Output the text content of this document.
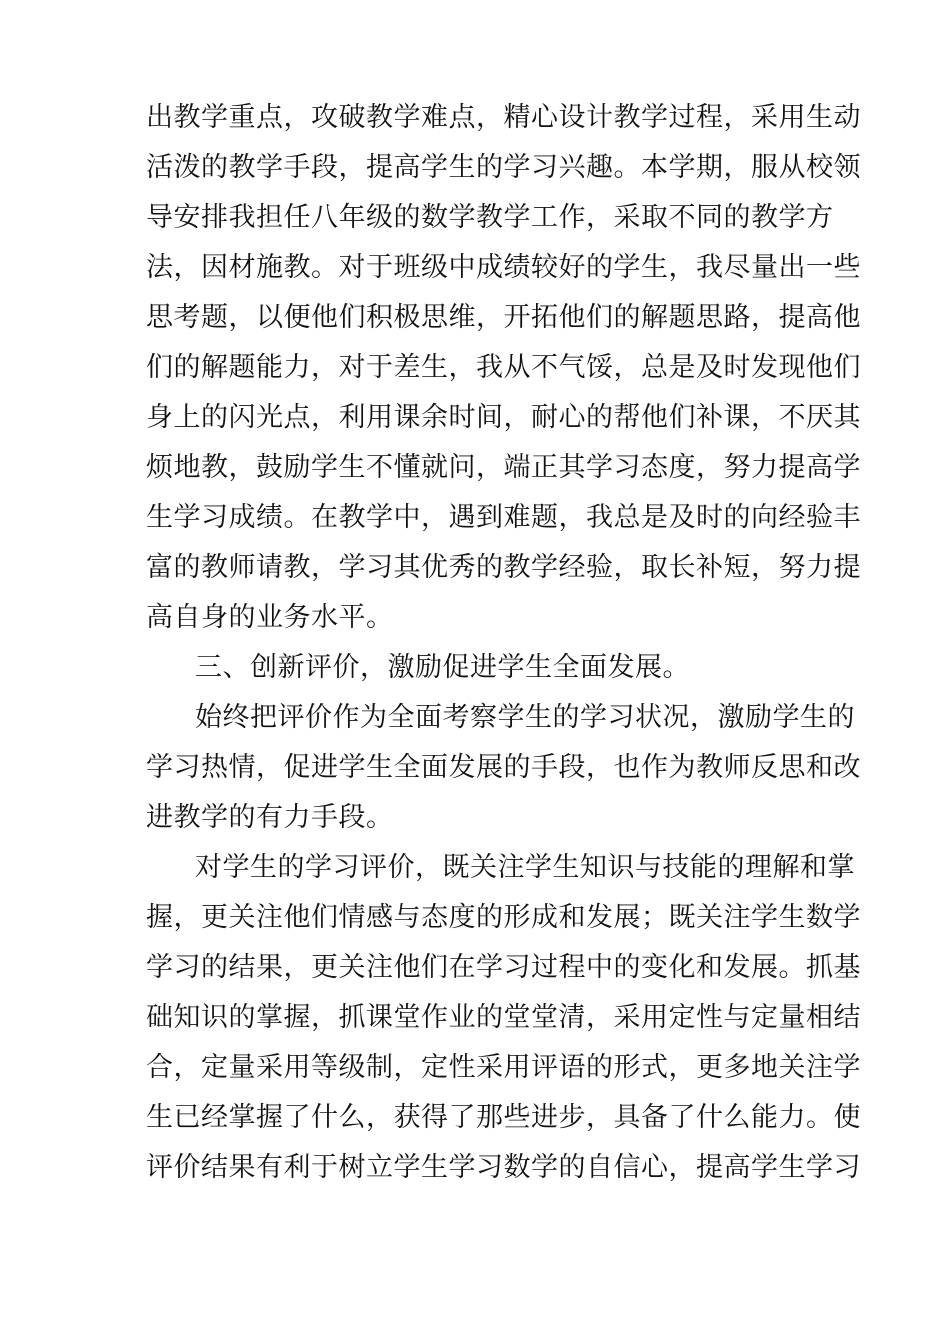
出教学重点，攻破教学难点，精心设计教学过程，采用生动
活泼的教学手段，提高学生的学习兴趣。本学期，服从校领
导安排我担任八年级的数学教学工作，采取不同的教学方
法，因材施教。对于班级中成绩较好的学生，我尽量出一些
思考题，以便他们积极思维，开拓他们的解题思路，提高他
们的解题能力，对于差生，我从不气馁，总是及时发现他们
身上的闪光点，利用课余时间，耐心的帮他们补课，不厌其
烦地教，鼓励学生不懂就问，端正其学习态度，努力提高学
生学习成绩。在教学中，遇到难题，我总是及时的向经验丰
富的教师请教，学习其优秀的教学经验，取长补短，努力提
高自身的业务水平。
三、创新评价，激励促进学生全面发展。
始终把评价作为全面考察学生的学习状况，激励学生的
学习热情，促进学生全面发展的手段，也作为教师反思和改
进教学的有力手段。
对学生的学习评价，既关注学生知识与技能的理解和掌
握，更关注他们情感与态度的形成和发展；既关注学生数学
学习的结果，更关注他们在学习过程中的变化和发展。抓基
础知识的掌握，抓课堂作业的堂堂清，采用定性与定量相结
合，定量采用等级制，定性采用评语的形式，更多地关注学
生已经掌握了什么，获得了那些进步，具备了什么能力。使
评价结果有利于树立学生学习数学的自信心，提高学生学习
